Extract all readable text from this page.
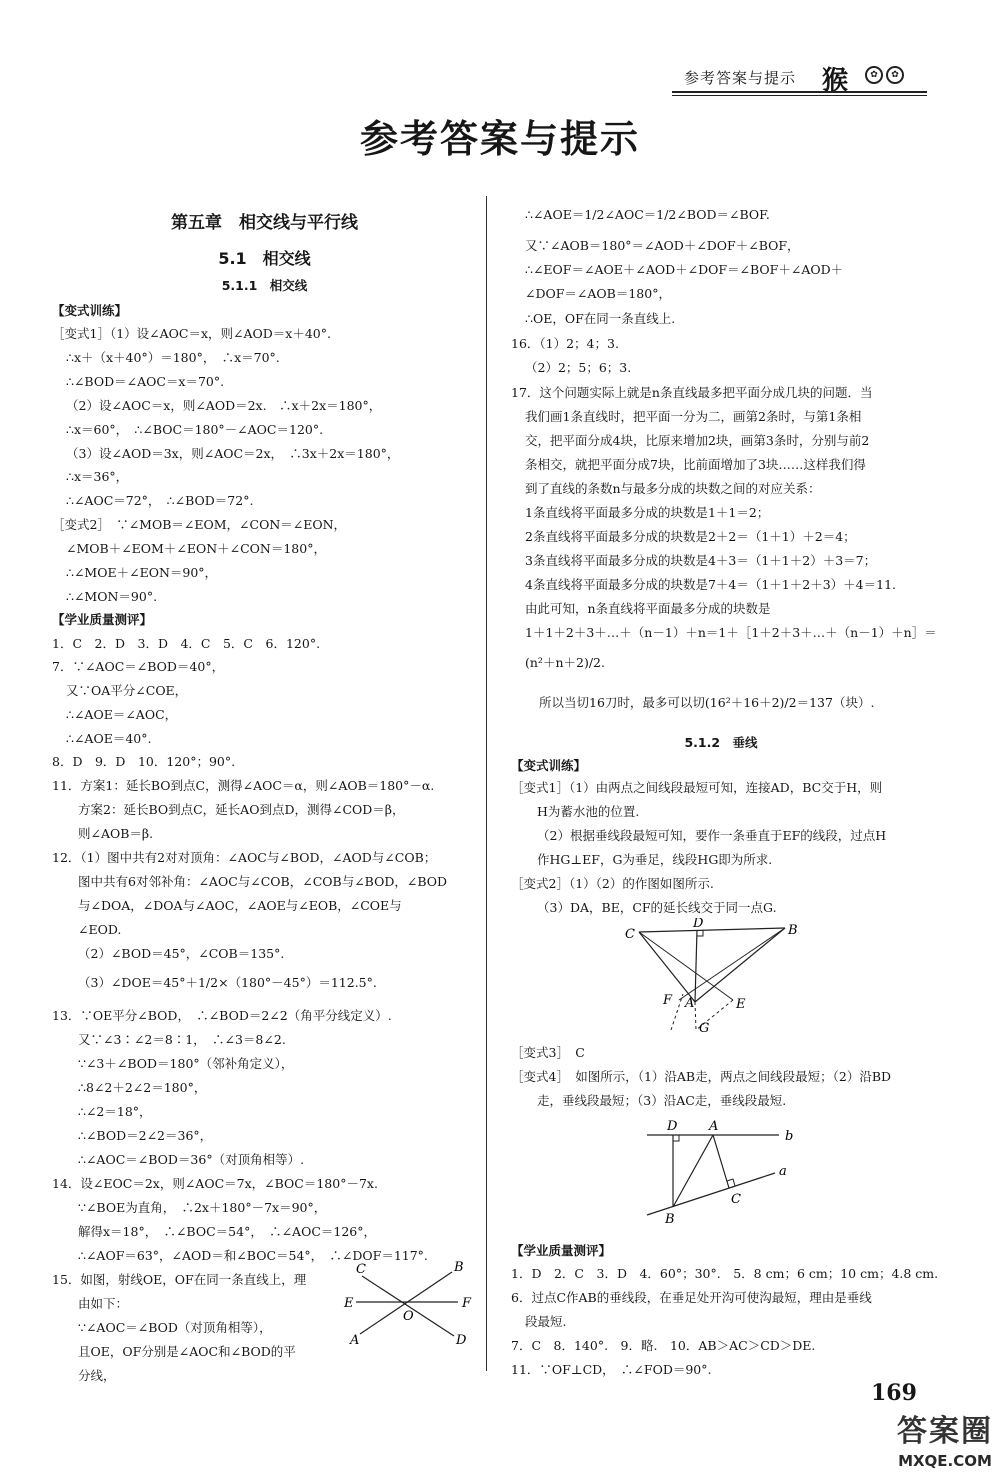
参考答案与提示 猴	✿	✿
参考答案与提示
第五章　相交线与平行线
5.1　相交线
5.1.1　相交线
【变式训练】
［变式1］（1）设∠AOC＝x，则∠AOD＝x＋40°.
∴x＋（x＋40°）＝180°，　∴x＝70°.
∴∠BOD＝∠AOC＝x＝70°.
（2）设∠AOC＝x，则∠AOD＝2x.　∴x＋2x＝180°，
∴x＝60°，　∴∠BOC＝180°－∠AOC＝120°.
（3）设∠AOD＝3x，则∠AOC＝2x，　∴3x＋2x＝180°，
∴x＝36°，
∴∠AOC＝72°，　∴∠BOD＝72°.
［变式2］　∵∠MOB＝∠EOM，∠CON＝∠EON，
∠MOB＋∠EOM＋∠EON＋∠CON＝180°，
∴∠MOE＋∠EON＝90°，
∴∠MON＝90°.
【学业质量测评】
1．C　2．D　3．D　4．C　5．C　6．120°.
7．∵∠AOC＝∠BOD＝40°，
又∵OA平分∠COE，
∴∠AOE＝∠AOC，
∴∠AOE＝40°.
8．D　9．D　10．120°；90°.
11．方案1：延长BO到点C，测得∠AOC＝α，则∠AOB＝180°－α.
方案2：延长BO到点C，延长AO到点D，测得∠COD＝β，
则∠AOB＝β.
12．（1）图中共有2对对顶角：∠AOC与∠BOD，∠AOD与∠COB；
图中共有6对邻补角：∠AOC与∠COB，∠COB与∠BOD，∠BOD
与∠DOA，∠DOA与∠AOC，∠AOE与∠EOB，∠COE与
∠EOD.
（2）∠BOD＝45°，∠COB＝135°.
（3）∠DOE＝45°＋1/2×（180°－45°）＝112.5°.
13．∵OE平分∠BOD，　∴∠BOD＝2∠2（角平分线定义）.
又∵∠3∶∠2＝8∶1，　∴∠3＝8∠2.
∵∠3＋∠BOD＝180°（邻补角定义），
∴8∠2＋2∠2＝180°，
∴∠2＝18°，
∴∠BOD＝2∠2＝36°，
∴∠AOC＝∠BOD＝36°（对顶角相等）.
14．设∠EOC＝2x，则∠AOC＝7x，∠BOC＝180°－7x.
∵∠BOE为直角，　∴2x＋180°－7x＝90°，
解得x＝18°，　∴∠BOC＝54°，　∴∠AOC＝126°，
∴∠AOF＝63°，∠AOD＝和∠BOC＝54°，　∴∠DOF＝117°.
15．如图，射线OE，OF在同一条直线上，理
由如下：
∵∠AOC＝∠BOD（对顶角相等），
且OE，OF分别是∠AOC和∠BOD的平
分线，
C	B
E
O
F
A	D
∴∠AOE＝1/2∠AOC＝1/2∠BOD＝∠BOF.
又∵∠AOB＝180°＝∠AOD＋∠DOF＋∠BOF，
∴∠EOF＝∠AOE＋∠AOD＋∠DOF＝∠BOF＋∠AOD＋
∠DOF＝∠AOB＝180°，
∴OE，OF在同一条直线上.
16．（1）2；4；3.
（2）2；5；6；3.
17．这个问题实际上就是n条直线最多把平面分成几块的问题．当
我们画1条直线时，把平面一分为二，画第2条时，与第1条相
交，把平面分成4块，比原来增加2块，画第3条时，分别与前2
条相交，就把平面分成7块，比前面增加了3块……这样我们得
到了直线的条数n与最多分成的块数之间的对应关系：
1条直线将平面最多分成的块数是1＋1＝2；
2条直线将平面最多分成的块数是2＋2＝（1＋1）＋2＝4；
3条直线将平面最多分成的块数是4＋3＝（1＋1＋2）＋3＝7；
4条直线将平面最多分成的块数是7＋4＝（1＋1＋2＋3）＋4＝11.
由此可知，n条直线将平面最多分成的块数是
1＋1＋2＋3＋…＋（n－1）＋n＝1＋［1＋2＋3＋…＋（n－1）＋n］＝
(n²＋n＋2)/2.
所以当切16刀时，最多可以切(16²＋16＋2)/2＝137（块）.
5.1.2　垂线
【变式训练】
［变式1］（1）由两点之间线段最短可知，连接AD，BC交于H，则
H为蓄水池的位置.
（2）根据垂线段最短可知，要作一条垂直于EF的线段，过点H
作HG⊥EF，G为垂足，线段HG即为所求.
［变式2］（1）（2）的作图如图所示.
（3）DA，BE，CF的延长线交于同一点G.
C
D	B
F A	E
G
［变式3］　C
［变式4］　如图所示，（1）沿AB走，两点之间线段最短；（2）沿BD
走，垂线段最短；（3）沿AC走，垂线段最短.
D A
b
a
C
B
【学业质量测评】
1．D　2．C　3．D　4．60°；30°.　5．8 cm；6 cm；10 cm；4.8 cm.
6．过点C作AB的垂线段，在垂足处开沟可使沟最短，理由是垂线
段最短.
7．C　8．140°.　9．略.　10．AB＞AC＞CD＞DE.
11．∵OF⊥CD，　∴∠FOD＝90°.
169
答 案 圈
MXQE.COM
